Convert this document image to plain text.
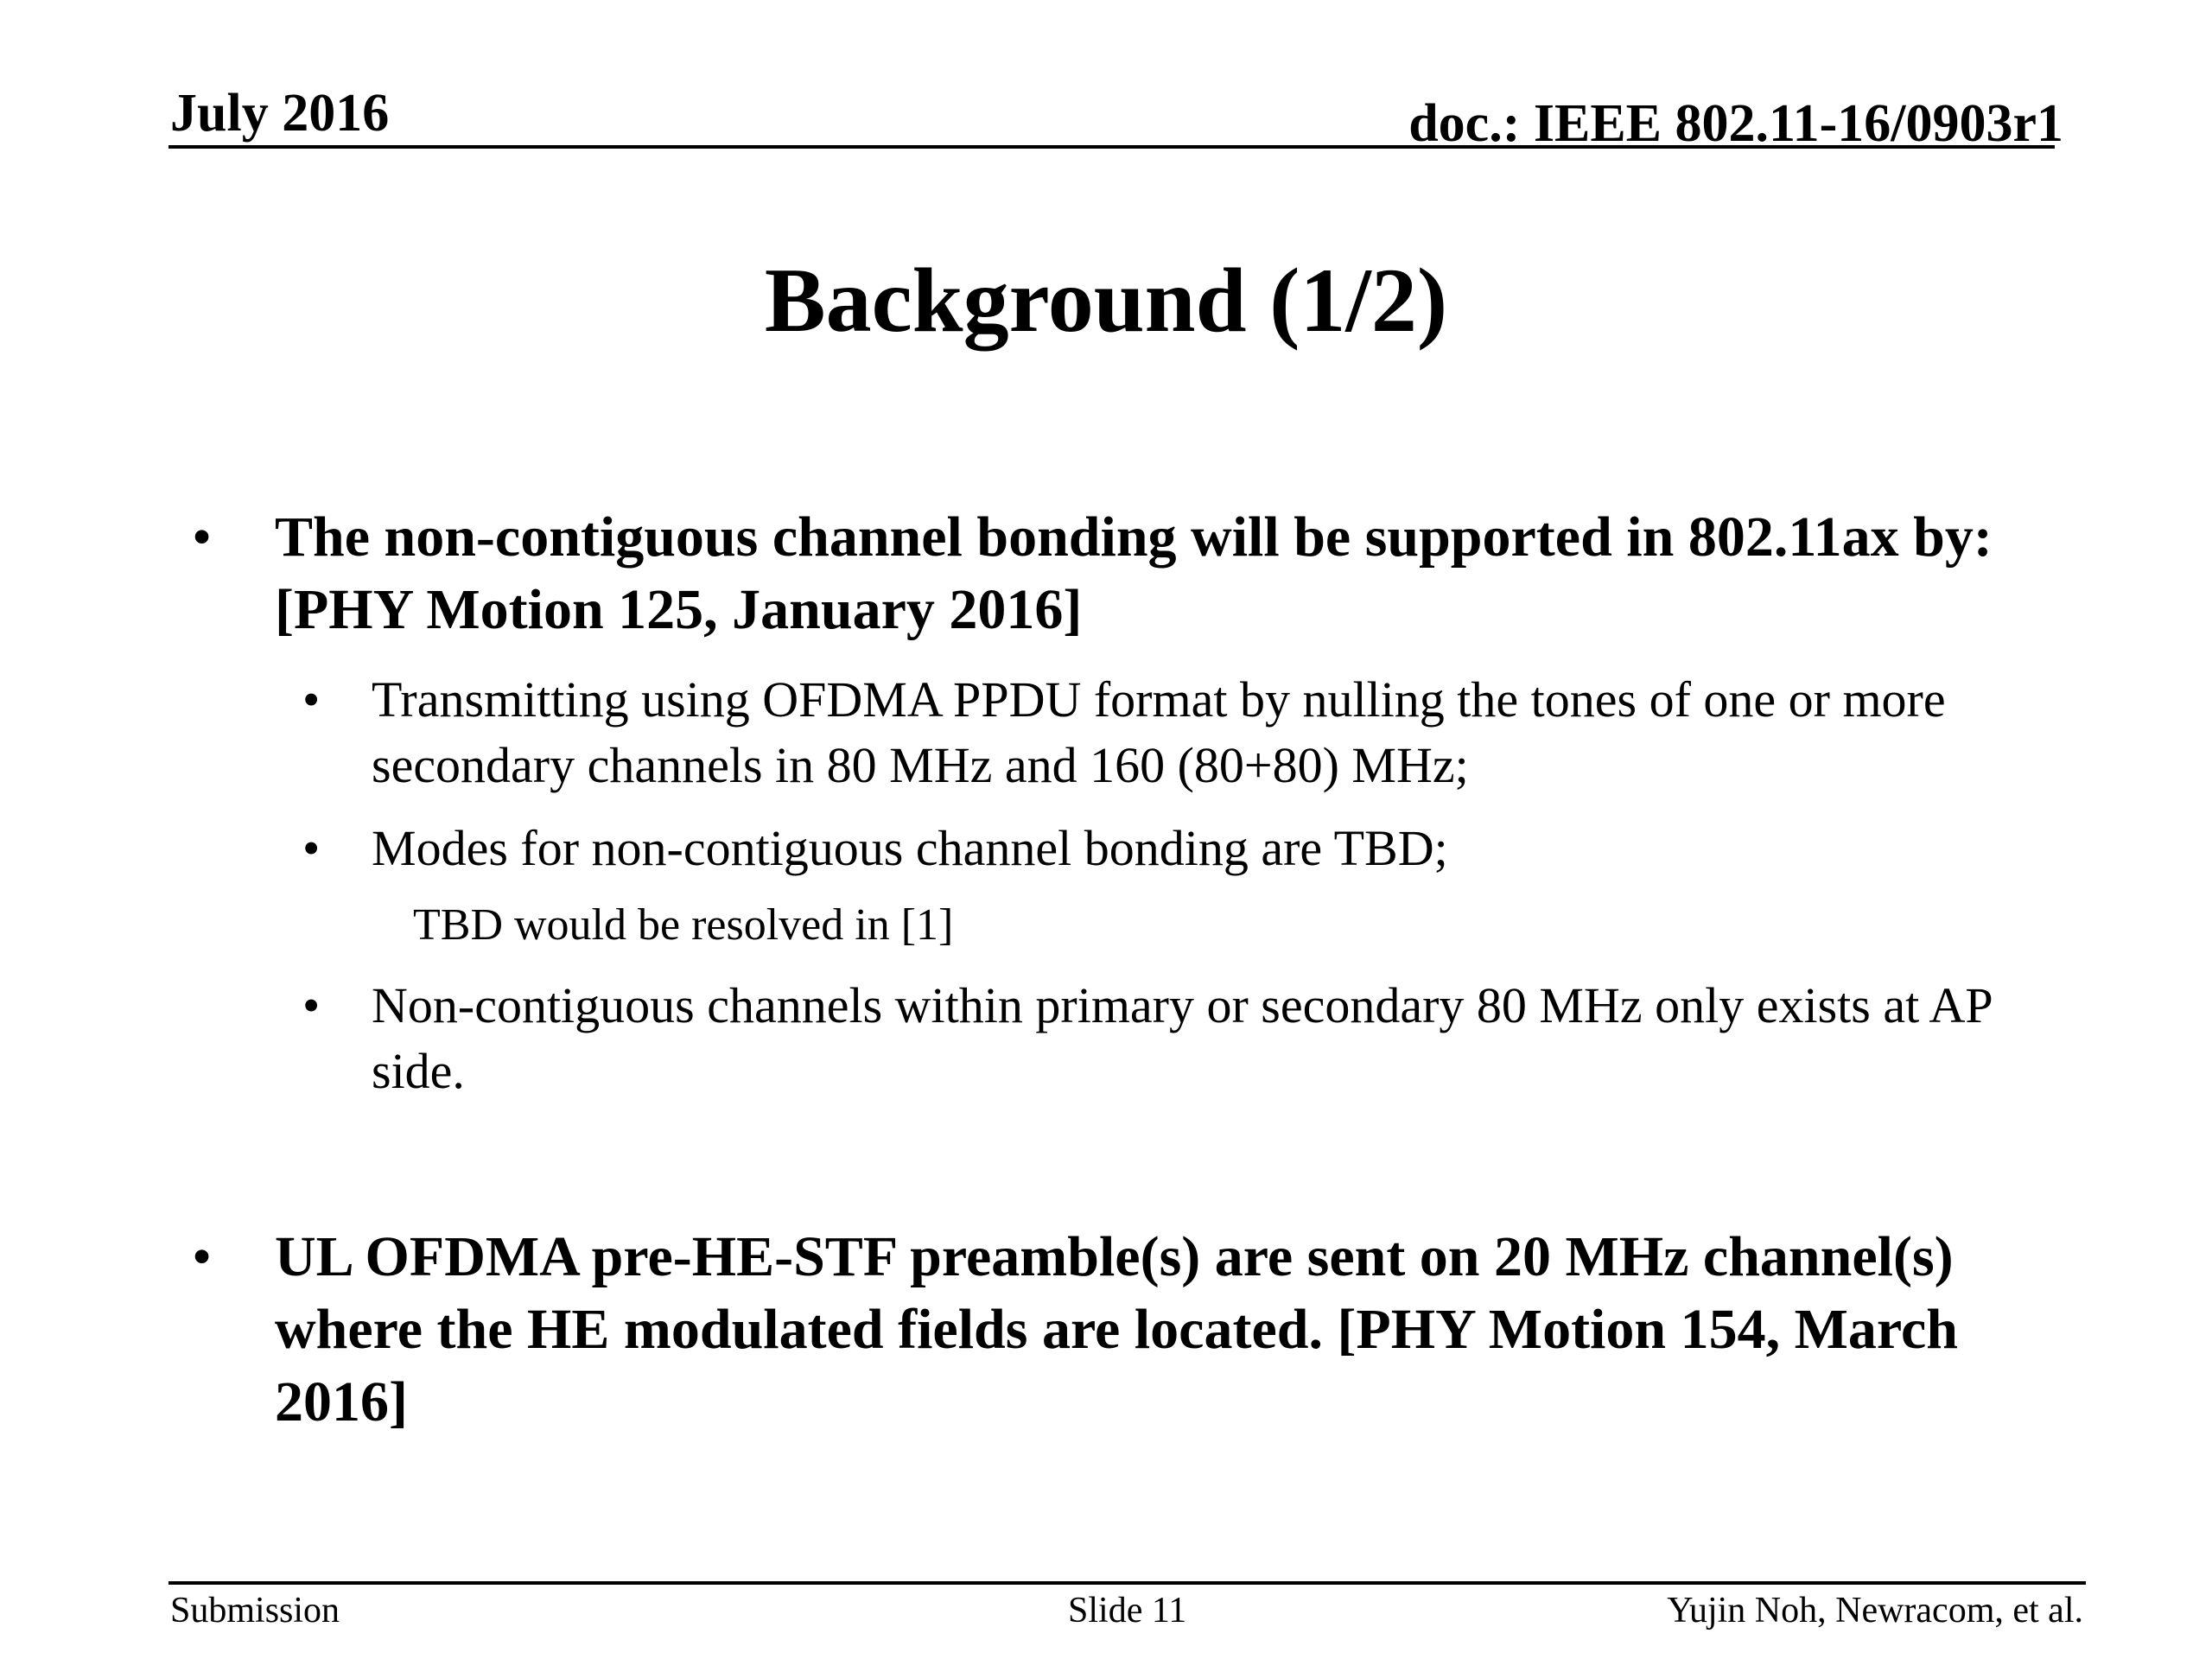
July 2016	doc.: IEEE 802.11-16/0903r1
Background (1/2)
• The non-contiguous channel bonding will be supported in 802.11ax by: [PHY Motion 125, January 2016]
• Transmitting using OFDMA PPDU format by nulling the tones of one or more secondary channels in 80 MHz and 160 (80+80) MHz;
• Modes for non-contiguous channel bonding are TBD;
TBD would be resolved in [1]
• Non-contiguous channels within primary or secondary 80 MHz only exists at AP side.
• UL OFDMA pre-HE-STF preamble(s) are sent on 20 MHz channel(s) where the HE modulated fields are located. [PHY Motion 154, March 2016]
Submission	Slide 11	Yujin Noh, Newracom, et al.
